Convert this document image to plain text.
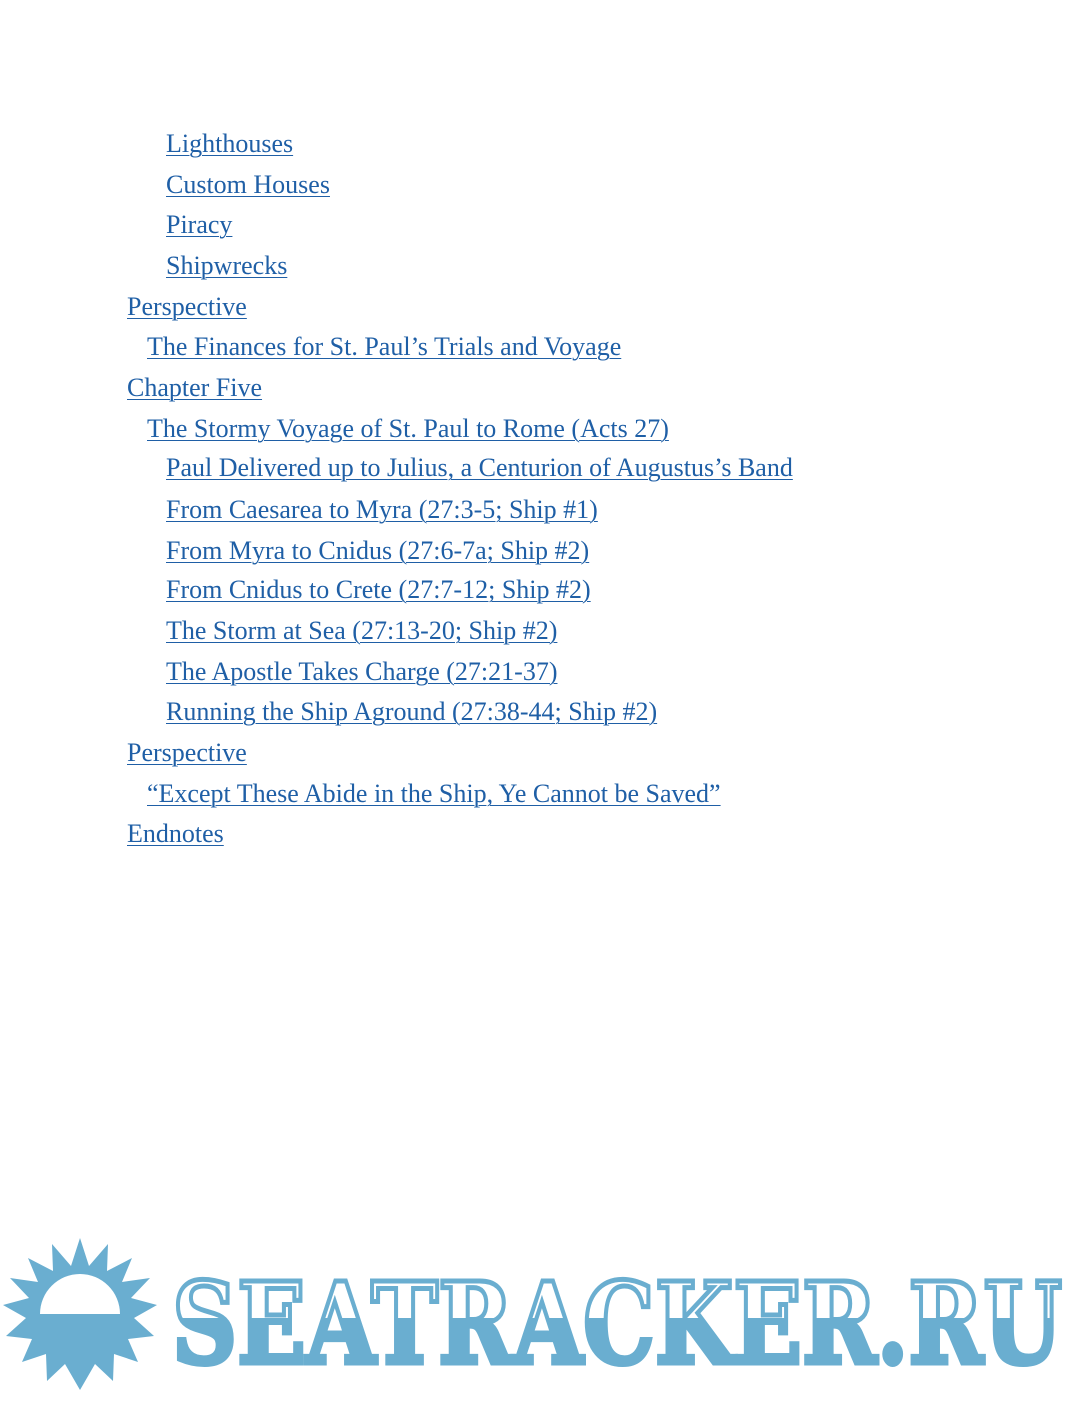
Lighthouses
Custom Houses
Piracy
Shipwrecks
Perspective
The Finances for St. Paul’s Trials and Voyage
Chapter Five
The Stormy Voyage of St. Paul to Rome (Acts 27)
Paul Delivered up to Julius, a Centurion of Augustus’s Band
From Caesarea to Myra (27:3-5; Ship #1)
From Myra to Cnidus (27:6-7a; Ship #2)
From Cnidus to Crete (27:7-12; Ship #2)
The Storm at Sea (27:13-20; Ship #2)
The Apostle Takes Charge (27:21-37)
Running the Ship Aground (27:38-44; Ship #2)
Perspective
“Except These Abide in the Ship, Ye Cannot be Saved”
Endnotes
SEATRACKER.RU
